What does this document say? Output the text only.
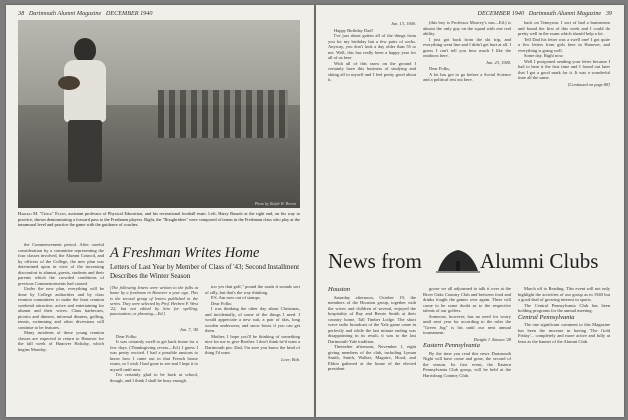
38 Dartmouth Alumni Magazine DECEMBER 1940
Photo by Ralph W. Brown
Harold M. "Chick" Evans, assistant professor of Physical Education, and his recreational football team. Left, Harry Bassett at the right end, on his way to practice, shown demonstrating a forward pass to the Freshmen players. Right, the "Roughriders" were composed of teams in the Freshman class who play at the intramural level and practice the game with the guidance of coaches.

the Commencement period. After careful consideration by a committee representing the four classes involved, the Alumni Council, and by officers of the College, the new plan was determined upon in view of the increasing discomfort to alumni, guests, students and their parents which the crowded conditions of previous Commencements had caused.

Under the new plan, everything will be done by College authorities and by class reunion committees to make the least reunion weekend attractive, active and entertaining for alumni and their wives. Class barbecues, picnics and dinners, informal dinners, golfing, tennis, swimming and other diversions will continue to be features.

Many incidents of these young reunion classes are expected to return to Hanover for the fall week of Hanover Holiday, which begins Monday.

A Freshman Writes Home
Letters of Last Year by Member of Class of '43; Second Installment Describes the Winter Season
[The following letters were written to the folks at home by a freshman in Hanover a year ago. This is the second group of letters published in the series. They were selected by Prof. Herbert F. West '22, but not edited by him for spelling, punctuation, or phrasing.—Ed.]
Jan. 7, '40

Dear Folks:

It was certainly swell to get back home for a few days. (Thanksgiving recess—Ed.) I guess I was pretty excited. I had a possible anxious to know how I came out in that French house exam, so I wish I had gone to see and I kept it to myself until now.

I'm certainly glad to be back at school, though, and I think I shall be busy enough.

too yes that golf," pound the roads it sounds sort of silly, but that's the way thinking.

P.S. Am now out of stamps.

Dear Folks:

I was thinking the other day about Christmas, and incidentally, of some of the things I need. I would appreciate a new suit, a pair of skis, long woolen underwear, and snow boots if you can get them.

Mother, I hope you'll be thinking of something nice for me to give Brother. I don't think he'd want a Dartmouth pin. Dad, I'm sure you know the kind of thing I'd want.

Love, Bob.
DECEMBER 1940 Dartmouth Alumni Magazine 39
Jan. 13, 1940.

Happy Birthday Dad!

I've just about gotten all of the things from you for my birthday but a few pairs of socks. Anyway, you don't look a day older than 55 to me. Well, this has really been a happy year for all of us here.

With all of this snow on the ground I certainly have this business of studying and skiing all to myself and I feel pretty good about it.

(this boy is Professor Moorey's son—Ed.) is almost the only guy on the squad with one real ability.

I just got back from the ski trip, and everything went fine and I didn't get hurt at all. I guess I can't tell you how much I like the outdoors here.

Jan. 23, 1940.

Dear Folks,

A lot has got to go before a Social Science and a political test out here.

back on Tennyson. I sort of had a brainstorm and found the first of this week and I could do pretty well in the exam which should help a lot.

Tell Dad his letter was a swell one! I got quite a few letters from girls here in Hanover, and everything is going well.

Some day. Right now.

Well I postponed sending your letter because I had to hear it the first time and I found out later that I got a good mark for it. It was a wonderful time all the same.

[Continued on page 88]
News from	Alumni Clubs
Houston

Saturday afternoon, October 19, the members of the Houston group, together with the wives and children of several, enjoyed the hospitality of Ray and Bessie Smith at their country home, Tall Timber Lodge. The short wave radio broadcast of the Yale game came in perfectly and while the last minute ending was disappointing in its result, it was to the last Dartmouth-Yale tradition.

Thereafter afternoon, November 1, eight giving members of the club, including Lyman Smith, Smith, Walker, Maguire, Hood, and Eldon gathered at the home of the elected president.

goose we all adjourned to talk it over at the River Oaks Country Club and between food and drinks fought the games over again. There will come to be some doubt as to the respective talents of our golfers.

Someone, however, has no need for worry until next year for according to the rules the "Green Jug" is his until our next annual tournament.

Dwight J. Simson '28
Eastern Pennsylvania

By the time you read this news Dartmouth Night will have come and gone, the second of the season. Its first event, the Eastern Pennsylvania Club group, will be held at the Harrisburg Country Club.

March off to Reading. This event will not only highlight the activities of our group as in 1940 but a good deal of growing interest in sports.

The Central Pennsylvania Club has been holding programs for the annual meeting.

Central Pennsylvania

The one significant comment to this Magazine has been the increase in having 'The Gold Friday'... completely and more active and fully at least as the banner of the Alumni Club.
